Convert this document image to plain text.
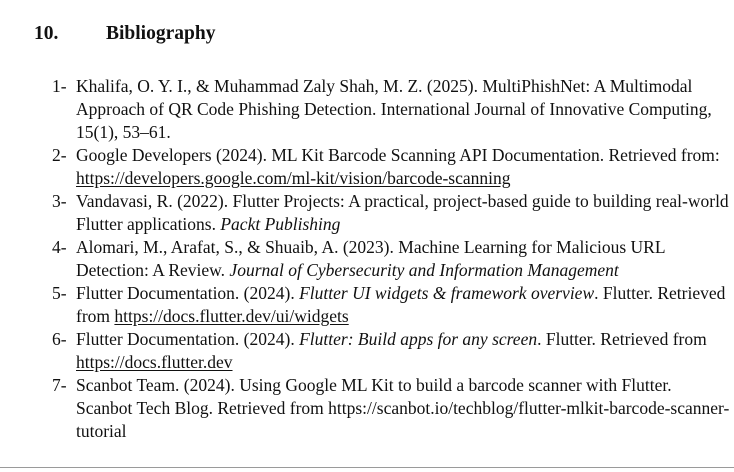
10. Bibliography
1- Khalifa, O. Y. I., & Muhammad Zaly Shah, M. Z. (2025). MultiPhishNet: A Multimodal Approach of QR Code Phishing Detection. International Journal of Innovative Computing, 15(1), 53–61.
2- Google Developers (2024). ML Kit Barcode Scanning API Documentation. Retrieved from: https://developers.google.com/ml-kit/vision/barcode-scanning
3- Vandavasi, R. (2022). Flutter Projects: A practical, project-based guide to building real-world Flutter applications. Packt Publishing
4- Alomari, M., Arafat, S., & Shuaib, A. (2023). Machine Learning for Malicious URL Detection: A Review. Journal of Cybersecurity and Information Management
5- Flutter Documentation. (2024). Flutter UI widgets & framework overview. Flutter. Retrieved from https://docs.flutter.dev/ui/widgets
6- Flutter Documentation. (2024). Flutter: Build apps for any screen. Flutter. Retrieved from https://docs.flutter.dev
7- Scanbot Team. (2024). Using Google ML Kit to build a barcode scanner with Flutter. Scanbot Tech Blog. Retrieved from https://scanbot.io/techblog/flutter-mlkit-barcode-scanner-tutorial
